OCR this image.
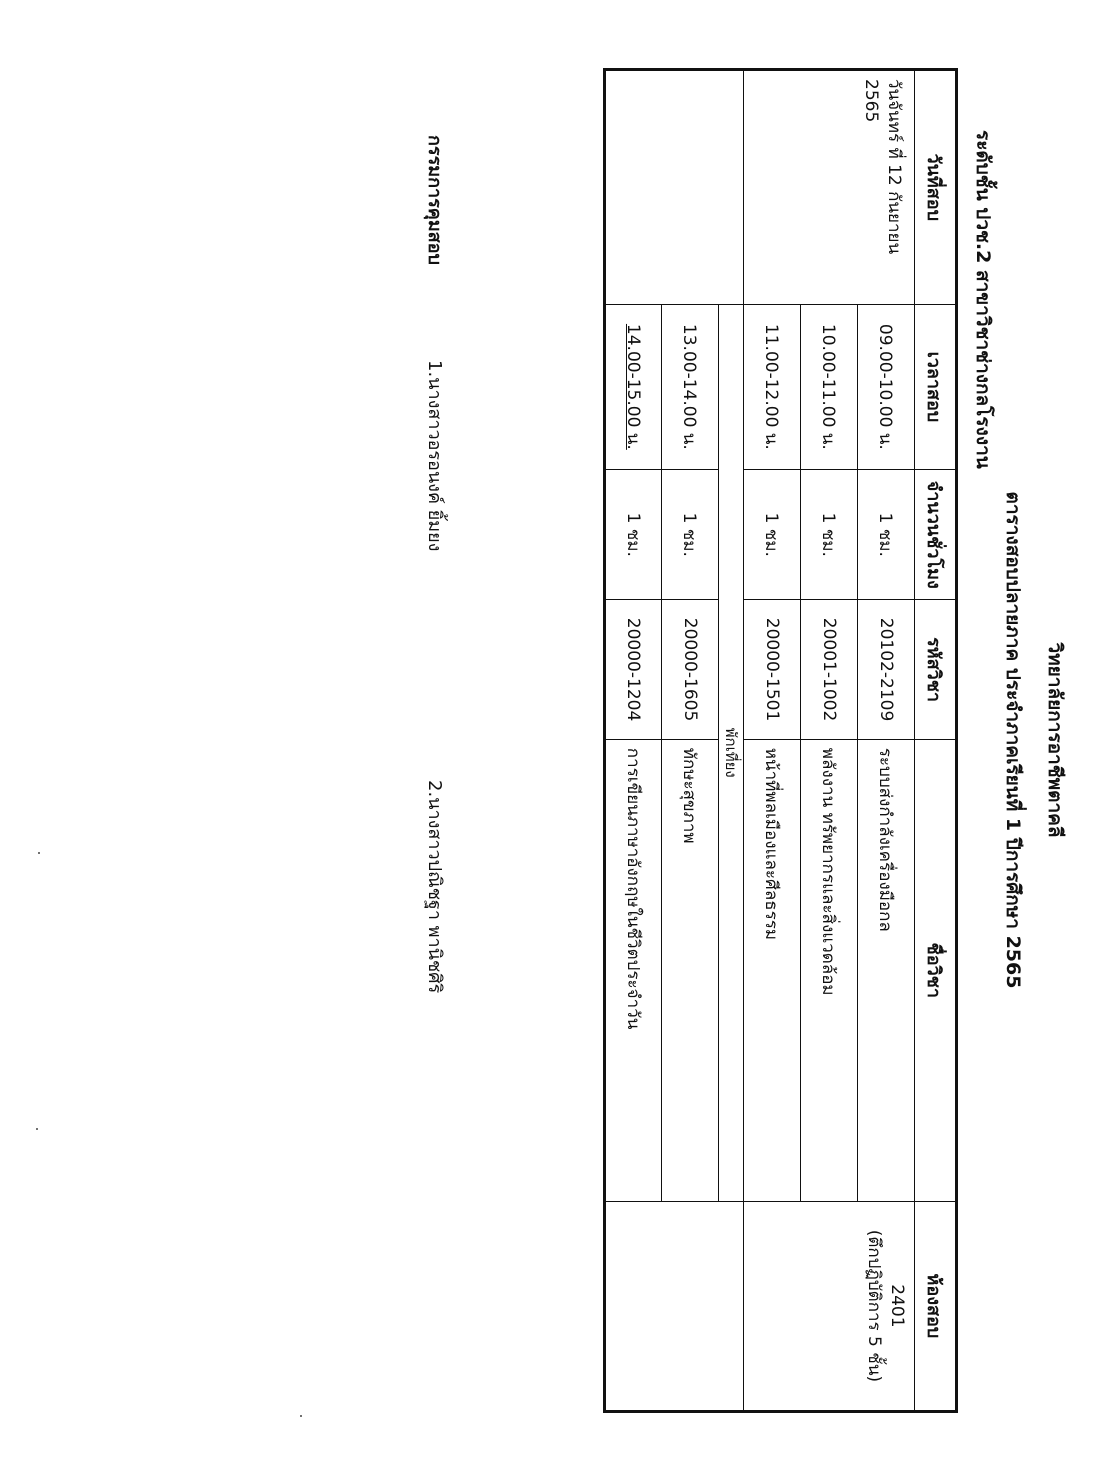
วิทยาลัยการอาชีพตาคลี
ตารางสอบปลายภาค ประจำภาคเรียนที่ 1 ปีการศึกษา 2565
ระดับชั้น ปวช.2 สาขาวิชาช่างกลโรงงาน
วันที่สอบ	เวลาสอบ	จำนวนชั่วโมง	รหัสวิชา	ชื่อวิชา	ห้องสอบ
วันจันทร์ ที่ 12 กันยายน 2565	09.00-10.00 น.	1 ชม.	20102-2109	ระบบส่งกำลังเครื่องมือกล	2401
(ตึกปฏิบัติการ 5 ชั้น)

	10.00-11.00 น.	1 ชม.	20001-1002	พลังงาน ทรัพยากรและสิ่งแวดล้อม	
	11.00-12.00 น.	1 ชม.	20000-1501	หน้าที่พลเมืองและศีลธรรม	
	พักเที่ยง				
	13.00-14.00 น.	1 ชม.	20000-1605	ทักษะสุขภาพ	
	14.00-15.00 น.	1 ชม.	20000-1204	การเขียนภาษาอังกฤษในชีวิตประจำวัน	
กรรมการคุมสอบ
1.นางสาวอรอนงค์ ยิ้มยง
2.นางสาวปณิชฐา พานิชศิริ
